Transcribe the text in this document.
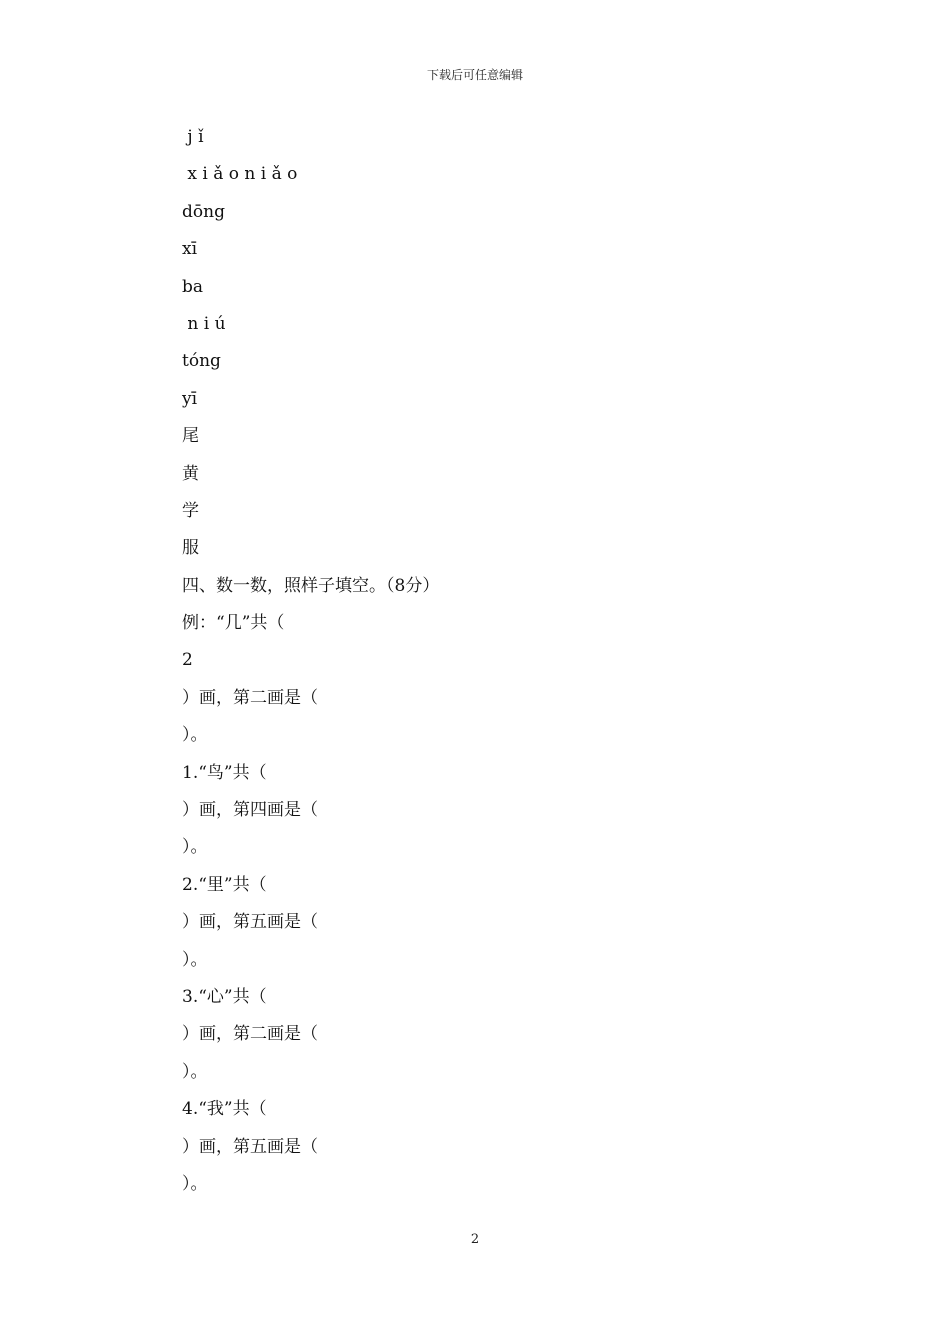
下载后可任意编辑
j ǐ
x i ǎ o n i ǎ o
dōng
xī
ba
n i ú
tóng
yī
尾
黄
学
服
四、数一数，照样子填空。（8分）
例：“几”共（
2
）画，第二画是（
）。
1.“鸟”共（
）画，第四画是（
）。
2.“里”共（
）画，第五画是（
）。
3.“心”共（
）画，第二画是（
）。
4.“我”共（
）画，第五画是（
）。
2
